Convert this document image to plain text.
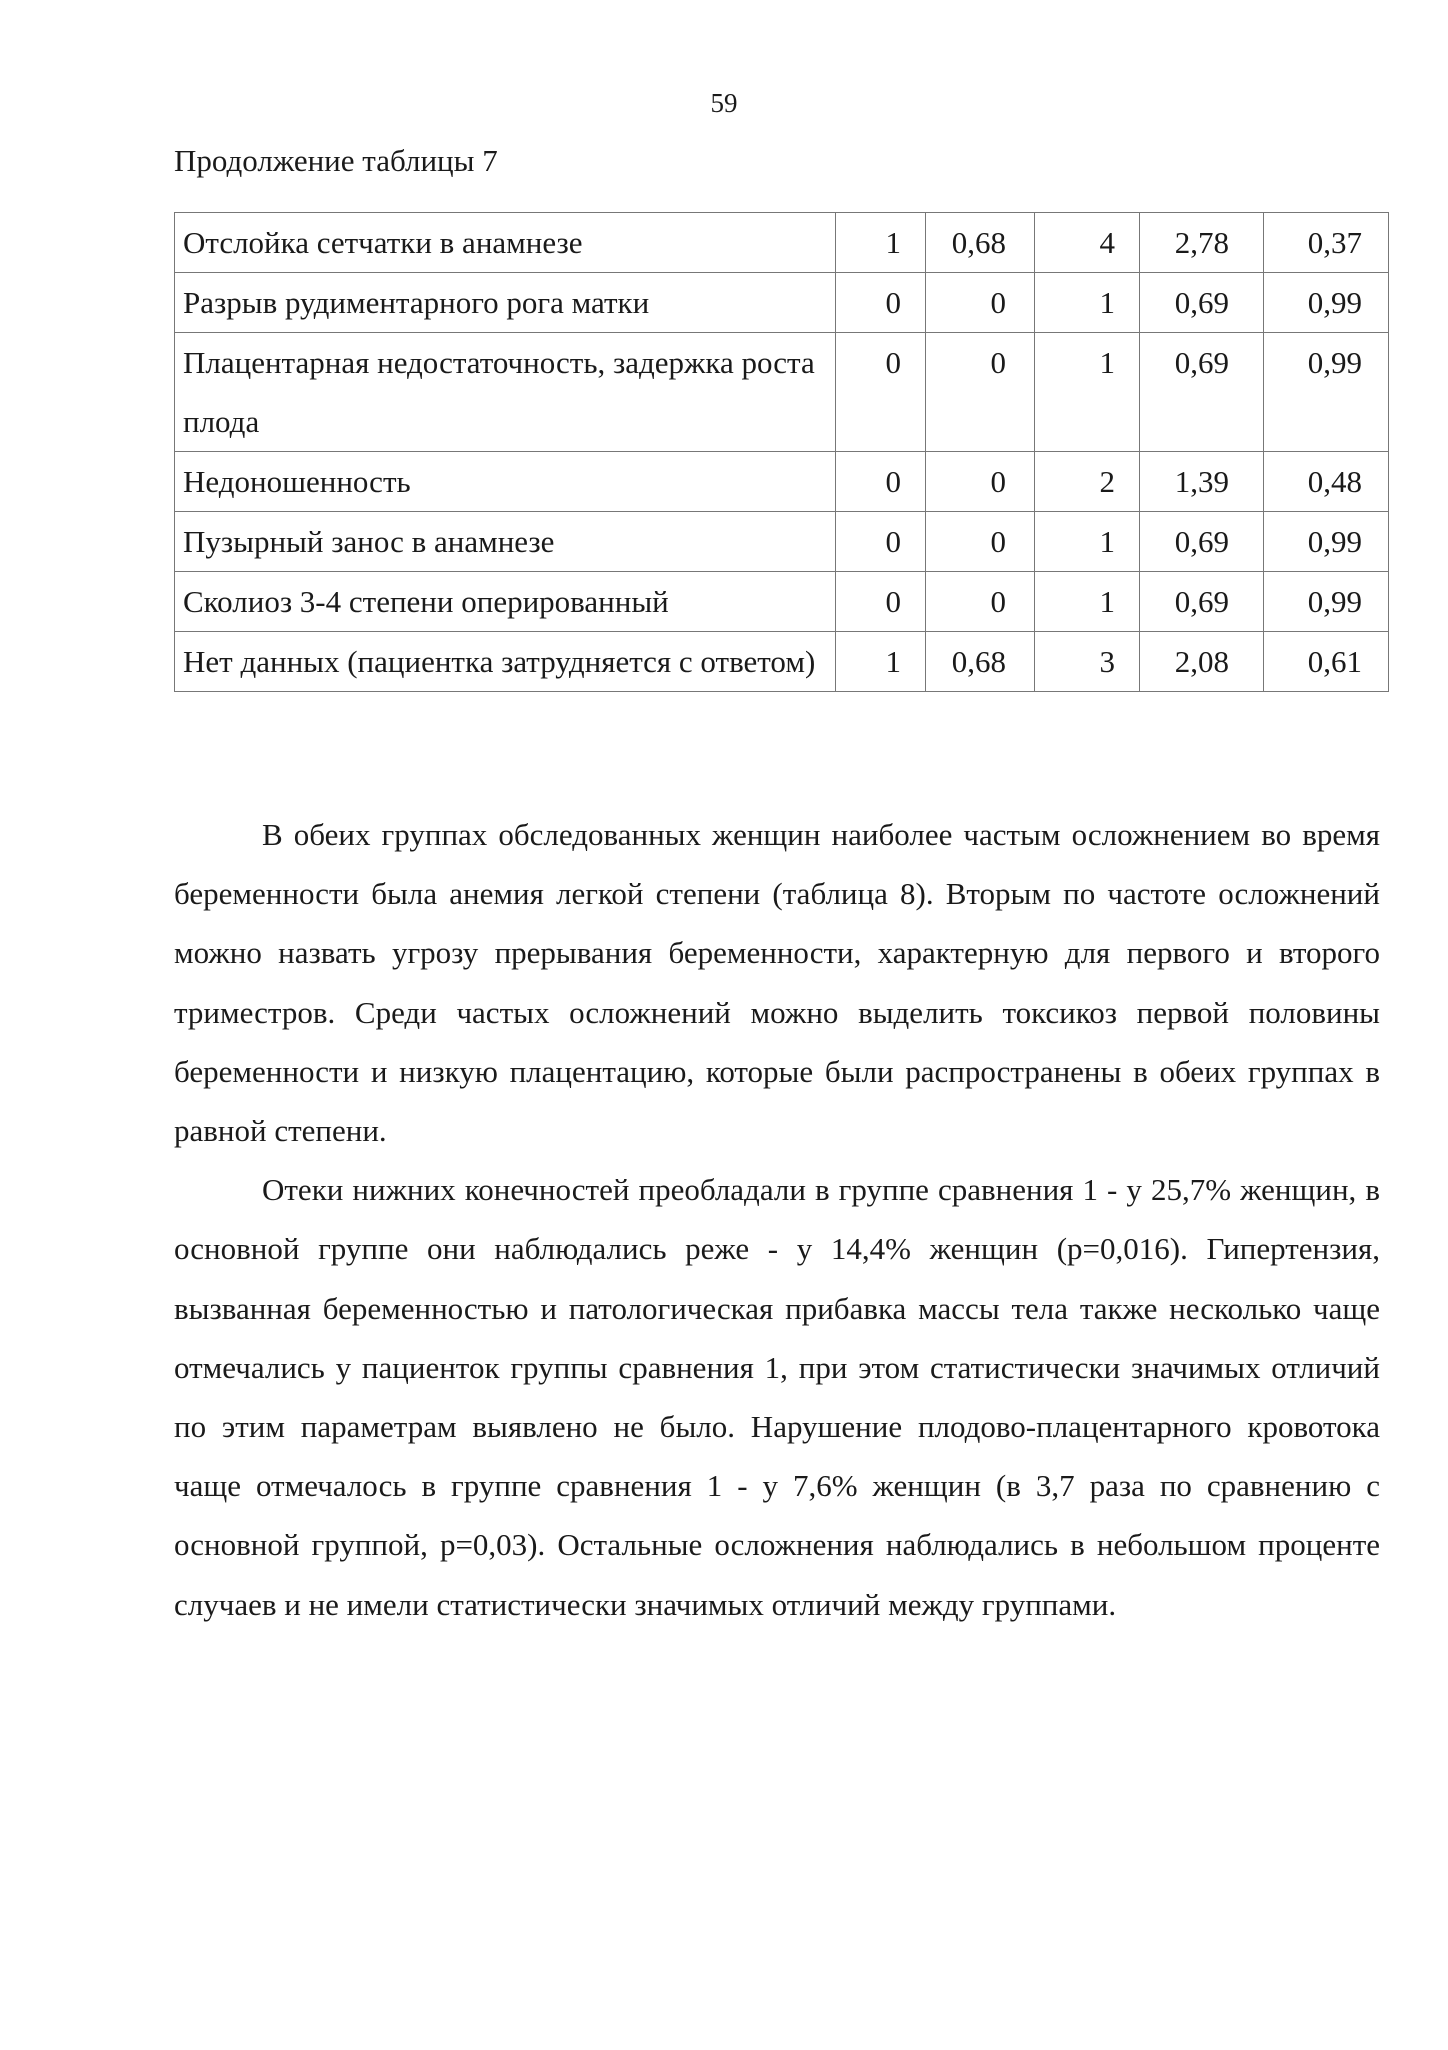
59
Продолжение таблицы 7
Отслойка сетчатки в анамнезе	1	0,68	4	2,78	0,37
Разрыв рудиментарного рога матки	0	0	1	0,69	0,99
Плацентарная недостаточность, задержка роста плода	0	0	1	0,69	0,99
Недоношенность	0	0	2	1,39	0,48
Пузырный занос в анамнезе	0	0	1	0,69	0,99
Сколиоз 3-4 степени оперированный	0	0	1	0,69	0,99
Нет данных (пациентка затрудняется с ответом)	1	0,68	3	2,08	0,61

В обеих группах обследованных женщин наиболее частым осложнением во время беременности была анемия легкой степени (таблица 8). Вторым по частоте осложнений можно назвать угрозу прерывания беременности, характерную для первого и второго триместров. Среди частых осложнений можно выделить токсикоз первой половины беременности и низкую плацентацию, которые были распространены в обеих группах в равной степени.

Отеки нижних конечностей преобладали в группе сравнения 1 - у 25,7% женщин, в основной группе они наблюдались реже - у 14,4% женщин (р=0,016). Гипертензия, вызванная беременностью и патологическая прибавка массы тела также несколько чаще отмечались у пациенток группы сравнения 1, при этом статистически значимых отличий по этим параметрам выявлено не было. Нарушение плодово-плацентарного кровотока чаще отмечалось в группе сравнения 1 - у 7,6% женщин (в 3,7 раза по сравнению с основной группой, р=0,03). Остальные осложнения наблюдались в небольшом проценте случаев и не имели статистически значимых отличий между группами.
